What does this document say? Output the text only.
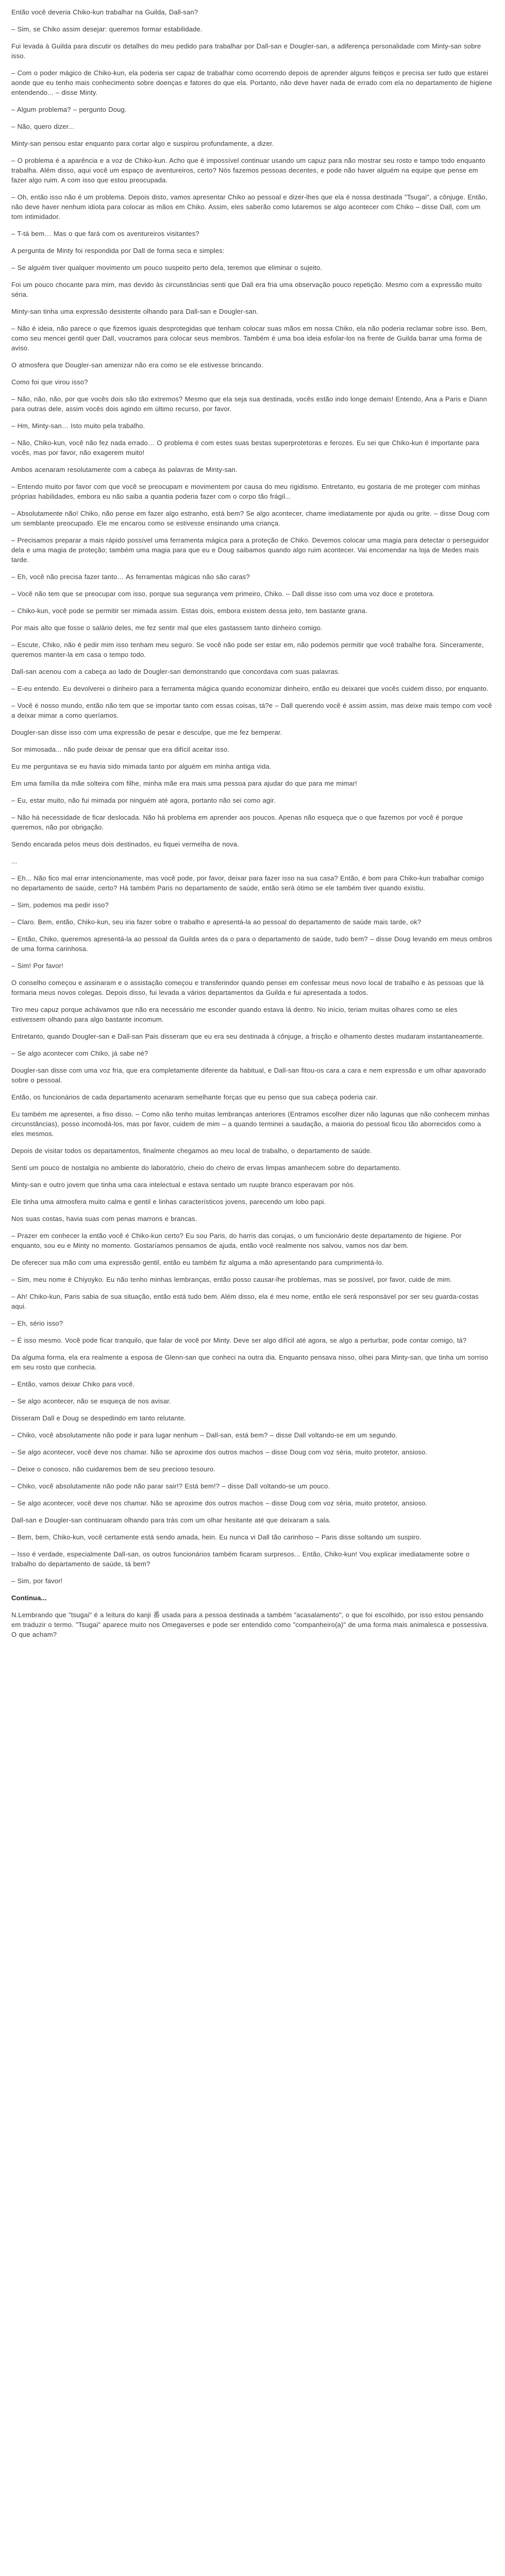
Então você deveria Chiko-kun trabalhar na Guilda, Dall-san?

– Sim, se Chiko assim desejar: queremos formar estabilidade.

Fui levada à Guilda para discutir os detalhes do meu pedido para trabalhar por Dall-san e Dougler-san, a adiferença personalidade com Minty-san sobre isso.

– Com o poder mágico de Chiko-kun, ela poderia ser capaz de trabalhar como ocorrendo depois de aprender alguns feitiços e precisa ser tudo que estarei aonde que eu tenho mais conhecimento sobre doenças e fatores do que ela. Portanto, não deve haver nada de errado com ela no departamento de higiene entendendo... – disse Minty.

– Algum problema? – pergunto Doug.

– Não, quero dizer...

Minty-san pensou estar enquanto para cortar algo e suspirou profundamente, a dizer.

– O problema é a aparência e a voz de Chiko-kun. Acho que é impossível continuar usando um capuz para não mostrar seu rosto e tampo todo enquanto trabalha. Além disso, aqui você um espaço de aventureiros, certo? Nós fazemos pessoas decentes, e pode não haver alguém na equipe que pense em fazer algo ruim. A com isso que estou preocupada.

– Oh, então isso não é um problema. Depois disto, vamos apresentar Chiko ao pessoal e dizer-lhes que ela é nossa destinada "Tsugai", a cônjuge. Então, não deve haver nenhum idiota para colocar as mãos em Chiko. Assim, eles saberão como lutaremos se algo acontecer com Chiko – disse Dall, com um tom intimidador.

– T-tá bem… Mas o que fará com os aventureiros visitantes?

A pergunta de Minty foi respondida por Dall de forma seca e simples:

– Se alguém tiver qualquer movimento um pouco suspeito perto dela, teremos que eliminar o sujeito.

Foi um pouco chocante para mim, mas devido às circunstâncias senti que Dall era fria uma observação pouco repetição. Mesmo com a expressão muito séria.

Minty-san tinha uma expressão desistente olhando para Dall-san e Dougler-san.

– Não é ideia, não parece o que fizemos iguais desprotegidas que tenham colocar suas mãos em nossa Chiko, ela não poderia reclamar sobre isso. Bem, como seu mencei gentil quer Dall, voucramos para colocar seus membros. Também é uma boa ideia esfolar-los na frente de Guilda barrar uma forma de aviso.

O atmosfera que Dougler-san amenizar não era como se ele estivesse brincando.

Como foi que virou isso?

– Não, não, não, por que vocês dois são tão extremos? Mesmo que ela seja sua destinada, vocês estão indo longe demais! Entendo, Ana a Paris e Diann para outras dele, assim vocês dois agindo em último recurso, por favor.

– Hm, Minty-san… Isto muito pela trabalho.

– Não, Chiko-kun, você não fez nada errado… O problema é com estes suas bestas superprotetoras e ferozes. Eu sei que Chiko-kun é importante para vocês, mas por favor, não exagerem muito!

Ambos acenaram resolutamente com a cabeça às palavras de Minty-san.

– Entendo muito por favor com que você se preocupam e movimentem por causa do meu rigidismo. Entretanto, eu gostaria de me proteger com minhas próprias habilidades, embora eu não saiba a quantia poderia fazer com o corpo tão frágil...

– Absolutamente não! Chiko, não pense em fazer algo estranho, está bem? Se algo acontecer, chame imediatamente por ajuda ou grite. – disse Doug com um semblante preocupado. Ele me encarou como se estivesse ensinando uma criança.

– Precisamos preparar a mais rápido possível uma ferramenta mágica para a proteção de Chiko. Devemos colocar uma magia para detectar o perseguidor dela e uma magia de proteção; também uma magia para que eu e Doug saibamos quando algo ruim acontecer. Vai encomendar na loja de Medes mais tarde.

– Eh, você não precisa fazer tanto… As ferramentas mágicas não são caras?

– Você não tem que se preocupar com isso, porque sua segurança vem primeiro, Chiko. – Dall disse isso com uma voz doce e protetora.

– Chiko-kun, você pode se permitir ser mimada assim. Estas dois, embora existem dessa jeito, tem bastante grana.

Por mais alto que fosse o salário deles, me fez sentir mal que eles gastassem tanto dinheiro comigo.

– Escute, Chiko, não é pedir mim isso tenham meu seguro. Se você não pode ser estar em, não podemos permitir que você trabalhe fora. Sinceramente, queremos manter-la em casa o tempo todo.

Dall-san acenou com a cabeça ao lado de Dougler-san demonstrando que concordava com suas palavras.

– E-eu entendo. Eu devolverei o dinheiro para a ferramenta mágica quando economizar dinheiro, então eu deixarei que vocês cuidem disso, por enquanto.

– Você é nosso mundo, então não tem que se importar tanto com essas coisas, tá?e – Dall querendo você é assim assim, mas deixe mais tempo com você a deixar mimar a como queríamos.

Dougler-san disse isso com uma expressão de pesar e desculpe, que me fez bemperar.

Sor mimosada... não pude deixar de pensar que era difícil aceitar isso.

Eu me perguntava se eu havia sido mimada tanto por alguém em minha antiga vida.

Em uma família da mãe solteira com filhe, minha mãe era mais uma pessoa para ajudar do que para me mimar!

– Eu, estar muito, não fui mimada por ninguém até agora, portanto não sei como agir.

– Não há necessidade de ficar deslocada. Não há problema em aprender aos poucos. Apenas não esqueça que o que fazemos por você é porque queremos, não por obrigação.

Sendo encarada pelos meus dois destinados, eu fiquei vermelha de nova.

...

– Eh... Não fico mal errar intencionamente, mas você pode, por favor, deixar para fazer isso na sua casa? Então, é bom para Chiko-kun trabalhar comigo no departamento de saúde, certo? Há também Paris no departamento de saúde, então será ótimo se ele também tiver quando existiu.

– Sim, podemos ma pedir isso?

– Claro. Bem, então, Chiko-kun, seu iria fazer sobre o trabalho e apresentá-la ao pessoal do departamento de saúde mais tarde, ok?

– Então, Chiko, queremos apresentá-la ao pessoal da Guilda antes da o para o departamento de saúde, tudo bem? – disse Doug levando em meus ombros de uma forma carinhosa.

– Sim! Por favor!

O conselho começou e assinaram e o assistação começou e transferindor quando pensei em confessar meus novo local de trabalho e às pessoas que lá formaria meus novos colegas. Depois disso, fui levada a vários departamentos da Guilda e fui apresentada a todos.

Tiro meu capuz porque achávamos que não era necessário me esconder quando estava lá dentro. No início, teriam muitas olhares como se eles estivessem olhando para algo bastante incomum.

Entretanto, quando Dougler-san e Dall-san Pais disseram que eu era seu destinada à cônjuge, a frisção e olhamento destes mudaram instantaneamente.

– Se algo acontecer com Chiko, já sabe né?

Dougler-san disse com uma voz fria, que era completamente diferente da habitual, e Dall-san fitou-os cara a cara e nem expressão e um olhar apavorado sobre o pessoal.

Então, os funcionários de cada departamento acenaram semelhante forças que eu penso que sua cabeça poderia cair.

Eu também me apresentei, a fiso disso. – Como não tenho muitas lembranças anteriores (Entramos escolher dizer não lagunas que não conhecem minhas circunstâncias), posso incomodá-los, mas por favor, cuidem de mim – a quando terminei a saudação, a maioria do pessoal ficou tão aborrecidos como a eles mesmos.

Depois de visitar todos os departamentos, finalmente chegamos ao meu local de trabalho, o departamento de saúde.

Senti um pouco de nostalgia no ambiente do laboratório, cheio do cheiro de ervas limpas amanhecem sobre do departamento.

Minty-san e outro jovem que tinha uma cara intelectual e estava sentado um ruupte branco esperavam por nós.

Ele tinha uma atmosfera muito calma e gentil e linhas característicos jovens, parecendo um lobo papi.

Nos suas costas, havia suas com penas marrons e brancas.

– Prazer em conhecer la então você é Chiko-kun certo? Eu sou Paris, do harris das corujas, o um funcionário deste departamento de higiene. Por enquanto, sou eu e Minty no momento. Gostaríamos pensamos de ajuda, então você realmente nos salvou, vamos nos dar bem.

De oferecer sua mão com uma expressão gentil, então eu também fiz alguma a mão apresentando para cumprimentá-lo.

– Sim, meu nome é Chiyoyko. Eu não tenho minhas lembranças, então posso causar-lhe problemas, mas se possível, por favor, cuide de mim.

– Ah! Chiko-kun, Paris sabia de sua situação, então está tudo bem. Além disso, ela é meu nome, então ele será responsável por ser seu guarda-costas aqui.

– Eh, sério isso?

– É isso mesmo. Você pode ficar tranquilo, que falar de você por Minty. Deve ser algo difícil até agora, se algo a perturbar, pode contar comigo, tá?

Da alguma forma, ela era realmente a esposa de Glenn-san que conheci na outra dia. Enquanto pensava nisso, olhei para Minty-san, que tinha um sorriso em seu rosto que conhecia.

– Então, vamos deixar Chiko para você.

– Se algo acontecer, não se esqueça de nos avisar.

Disseram Dall e Doug se despedindo em tanto relutante.

– Chiko, você absolutamente não pode ir para lugar nenhum – Dall-san, está bem? – disse Dall voltando-se em um segundo.

– Se algo acontecer, você deve nos chamar. Não se aproxime dos outros machos – disse Doug com voz séria, muito protetor, ansioso.

– Deixe o conosco, não cuidaremos bem de seu precioso tesouro.

– Chiko, você absolutamente não pode não parar sair!? Está bem!? – disse Dall voltando-se um pouco.

– Se algo acontecer, você deve nos chamar. Não se aproxime dos outros machos – disse Doug com voz séria, muito protetor, ansioso.

Dall-san e Dougler-san continuaram olhando para trás com um olhar hesitante até que deixaram a sala.

– Bem, bem, Chiko-kun, você certamente está sendo amada, hein. Eu nunca vi Dall tão carinhoso – Paris disse soltando um suspiro.

– Isso é verdade, especialmente Dall-san, os outros funcionários também ficaram surpresos... Então, Chiko-kun! Vou explicar imediatamente sobre o trabalho do departamento de saúde, tá bem?

– Sim, por favor!

Continua...

N.Lembrando que "tsugai" é a leitura do kanji 番 usada para a pessoa destinada a também "acasalamento", o que foi escolhido, por isso estou pensando em traduzir o termo. "Tsugai" aparece muito nos Omegaverses e pode ser entendido como "companheiro(a)" de uma forma mais animalesca e possessiva. O que acham?
